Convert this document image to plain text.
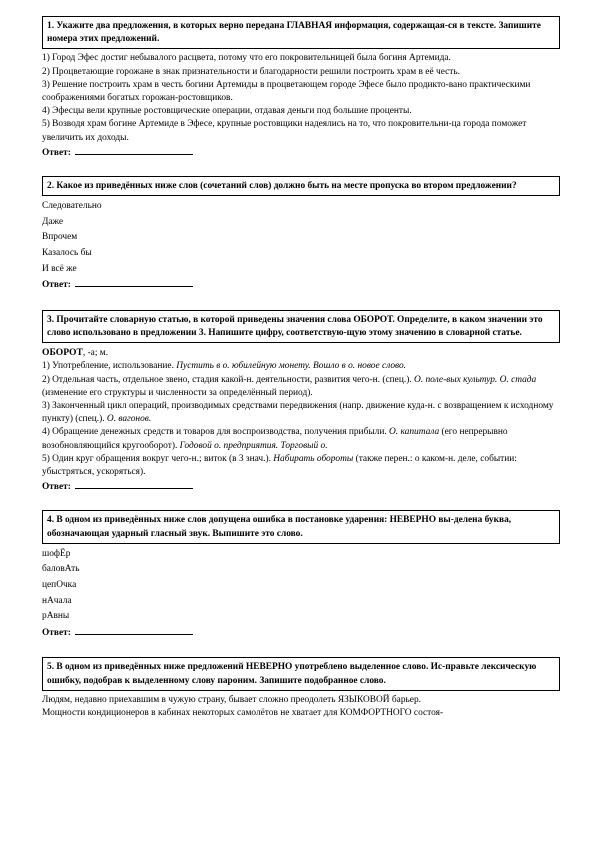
1. Укажите два предложения, в которых верно передана ГЛАВНАЯ информация, содержащая-ся в тексте. Запишите номера этих предложений.

1) Город Эфес достиг небывалого расцвета, потому что его покровительницей была богиня Артемида.

2) Процветающие горожане в знак признательности и благодарности решили построить храм в её честь.

3) Решение построить храм в честь богини Артемиды в процветающем городе Эфесе было продикто-вано практическими соображениями богатых горожан-ростовщиков.

4) Эфесцы вели крупные ростовщические операции, отдавая деньги под большие проценты.

5) Возводя храм богине Артемиде в Эфесе, крупные ростовщики надеялись на то, что покровительни-ца города поможет увеличить их доходы.

Ответ:

2. Какое из приведённых ниже слов (сочетаний слов) должно быть на месте пропуска во втором предложении?

Следовательно

Даже

Впрочем

Казалось бы

И всё же

Ответ:

3. Прочитайте словарную статью, в которой приведены значения слова ОБОРОТ. Определите, в каком значении это слово использовано в предложении 3. Напишите цифру, соответствую-щую этому значению в словарной статье.

ОБОРОТ, -а; м.

1) Употребление, использование. Пустить в о. юбилейную монету. Вошло в о. новое слово.

2) Отдельная часть, отдельное звено, стадия какой-н. деятельности, развития чего-н. (спец.). О. поле-вых культур. О. стада (изменение его структуры и численности за определённый период).

3) Законченный цикл операций, производимых средствами передвижения (напр. движение куда-н. с возвращением к исходному пункту) (спец.). О. вагонов.

4) Обращение денежных средств и товаров для воспроизводства, получения прибыли. О. капитала (его непрерывно возобновляющийся кругооборот). Годовой о. предприятия. Торговый о.

5) Один круг обращения вокруг чего-н.; виток (в 3 знач.). Набирать обороты (также перен.: о каком-н. деле, событии: убыстряться, ускоряться).

Ответ:

4. В одном из приведённых ниже слов допущена ошибка в постановке ударения: НЕВЕРНО вы-делена буква, обозначающая ударный гласный звук. Выпишите это слово.

шофЁр

баловАть

цепОчка

нАчала

рАвны

Ответ:

5. В одном из приведённых ниже предложений НЕВЕРНО употреблено выделенное слово. Ис-правьте лексическую ошибку, подобрав к выделенному слову пароним. Запишите подобранное слово.

Людям, недавно приехавшим в чужую страну, бывает сложно преодолеть ЯЗЫКОВОЙ барьер.

Мощности кондиционеров в кабинах некоторых самолётов не хватает для КОМФОРТНОГО состоя-
